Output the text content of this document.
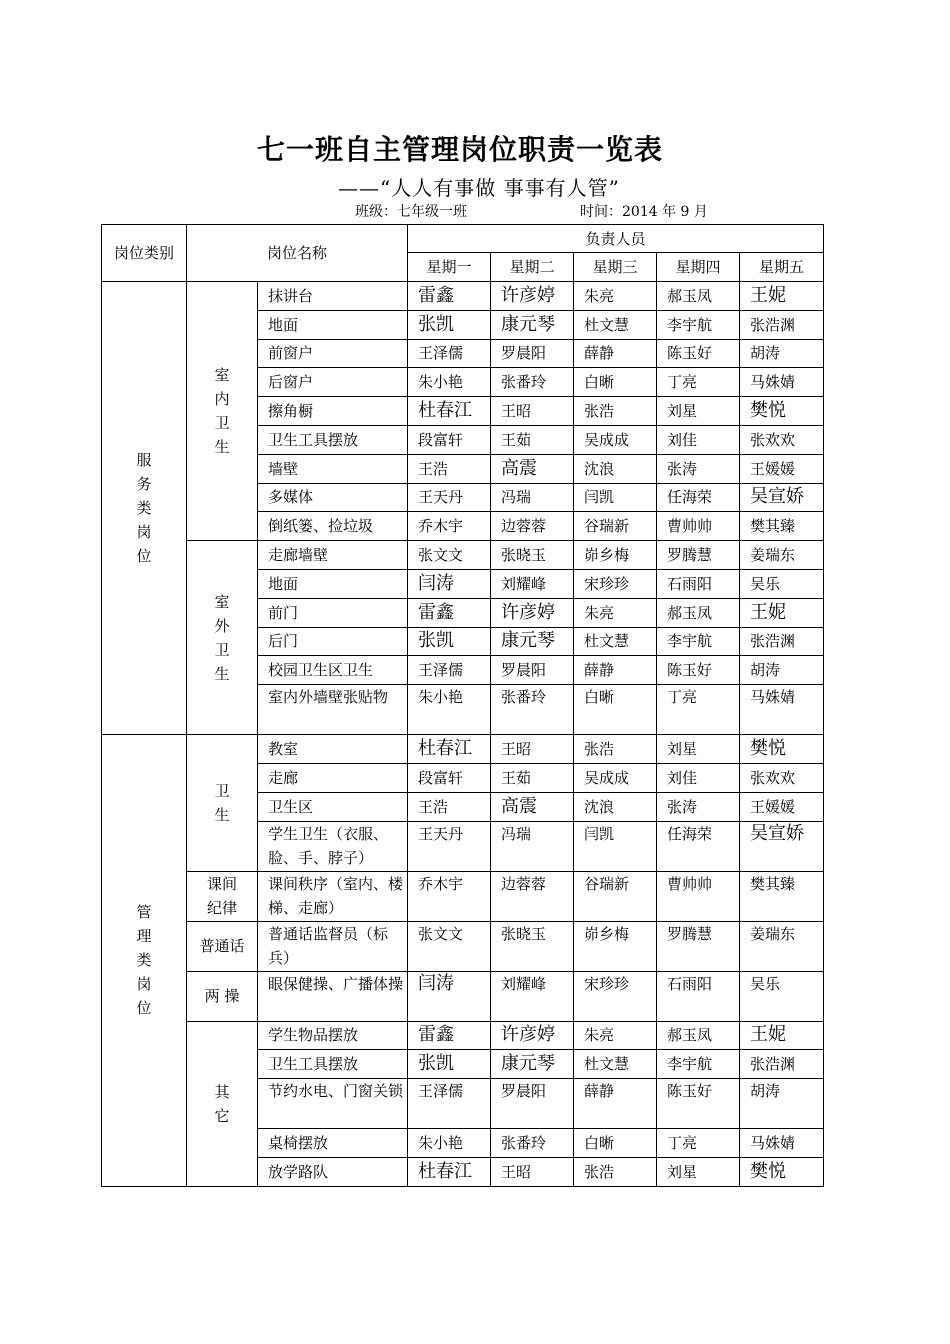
七一班自主管理岗位职责一览表
——“人人有事做 事事有人管”
班级：七年级一班	时间：2014 年 9 月
岗位类别	岗位名称		负责人员				
			星期一	星期二	星期三	星期四	星期五
服务类岗位	室内卫生	抹讲台	雷鑫	许彦婷	朱亮	郝玉凤	王妮
		地面	张凯	康元琴	杜文慧	李宇航	张浩渊
		前窗户	王泽儒	罗晨阳	薛静	陈玉好	胡涛
		后窗户	朱小艳	张番玲	白晰	丁亮	马姝婧
		擦角橱	杜春江	王昭	张浩	刘星	樊悦
		卫生工具摆放	段富轩	王茹	吴成成	刘佳	张欢欢
		墙壁	王浩	高震	沈浪	张涛	王媛媛
		多媒体	王天丹	冯瑞	闫凯	任海荣	吴宣娇
		倒纸篓、捡垃圾	乔木宇	边蓉蓉	谷瑞新	曹帅帅	樊其臻
	室外卫生	走廊墙壁	张文文	张晓玉	峁乡梅	罗腾慧	姜瑞东
		地面	闫涛	刘耀峰	宋珍珍	石雨阳	吴乐
		前门	雷鑫	许彦婷	朱亮	郝玉凤	王妮
		后门	张凯	康元琴	杜文慧	李宇航	张浩渊
		校园卫生区卫生	王泽儒	罗晨阳	薛静	陈玉好	胡涛
		室内外墙壁张贴物	朱小艳	张番玲	白晰	丁亮	马姝婧
管理类岗位	卫生	教室	杜春江	王昭	张浩	刘星	樊悦
		走廊	段富轩	王茹	吴成成	刘佳	张欢欢
		卫生区	王浩	高震	沈浪	张涛	王媛媛
		学生卫生（衣服、脸、手、脖子）	王天丹	冯瑞	闫凯	任海荣	吴宣娇
	课间纪律	课间秩序（室内、楼梯、走廊）	乔木宇	边蓉蓉	谷瑞新	曹帅帅	樊其臻
	普通话	普通话监督员（标兵）	张文文	张晓玉	峁乡梅	罗腾慧	姜瑞东
	两 操	眼保健操、广播体操	闫涛	刘耀峰	宋珍珍	石雨阳	吴乐
	其它	学生物品摆放	雷鑫	许彦婷	朱亮	郝玉凤	王妮
		卫生工具摆放	张凯	康元琴	杜文慧	李宇航	张浩渊
		节约水电、门窗关锁	王泽儒	罗晨阳	薛静	陈玉好	胡涛
		桌椅摆放	朱小艳	张番玲	白晰	丁亮	马姝婧
		放学路队	杜春江	王昭	张浩	刘星	樊悦
